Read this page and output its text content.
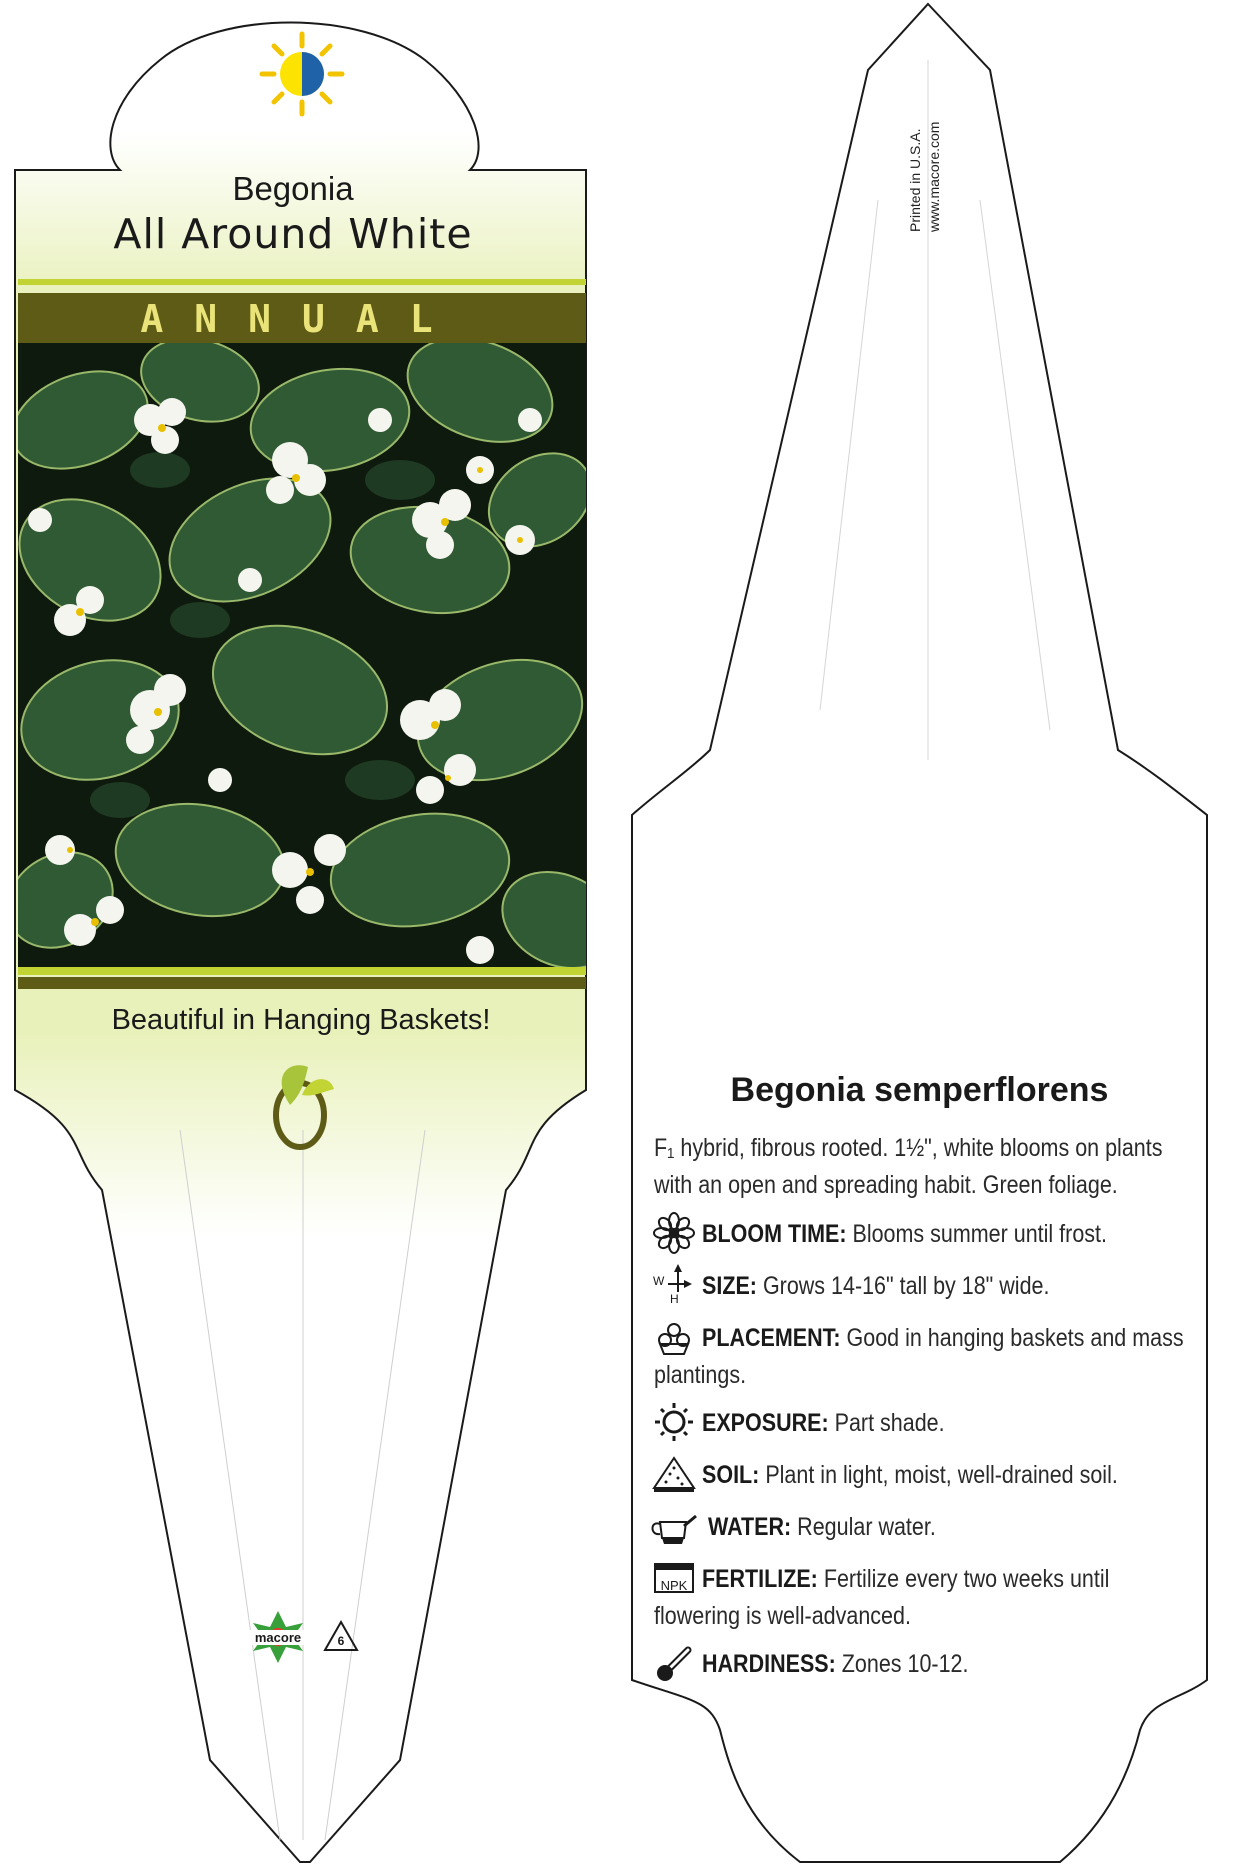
Begonia
All Around White
ANNUAL
Beautiful in Hanging Baskets!
macore	6
Printed in U.S.A. www.macore.com
Begonia semperflorens
F₁ hybrid, fibrous rooted. 1½", white blooms on plants
with an open and spreading habit. Green foliage.
BLOOM TIME: Blooms summer until frost.
SIZE: Grows 14-16" tall by 18" wide.
W
H
PLACEMENT: Good in hanging baskets and mass
plantings.
EXPOSURE: Part shade.
SOIL: Plant in light, moist, well-drained soil.
WATER: Regular water.
FERTILIZE: Fertilize every two weeks until
flowering is well-advanced.
NPK
HARDINESS: Zones 10-12.
